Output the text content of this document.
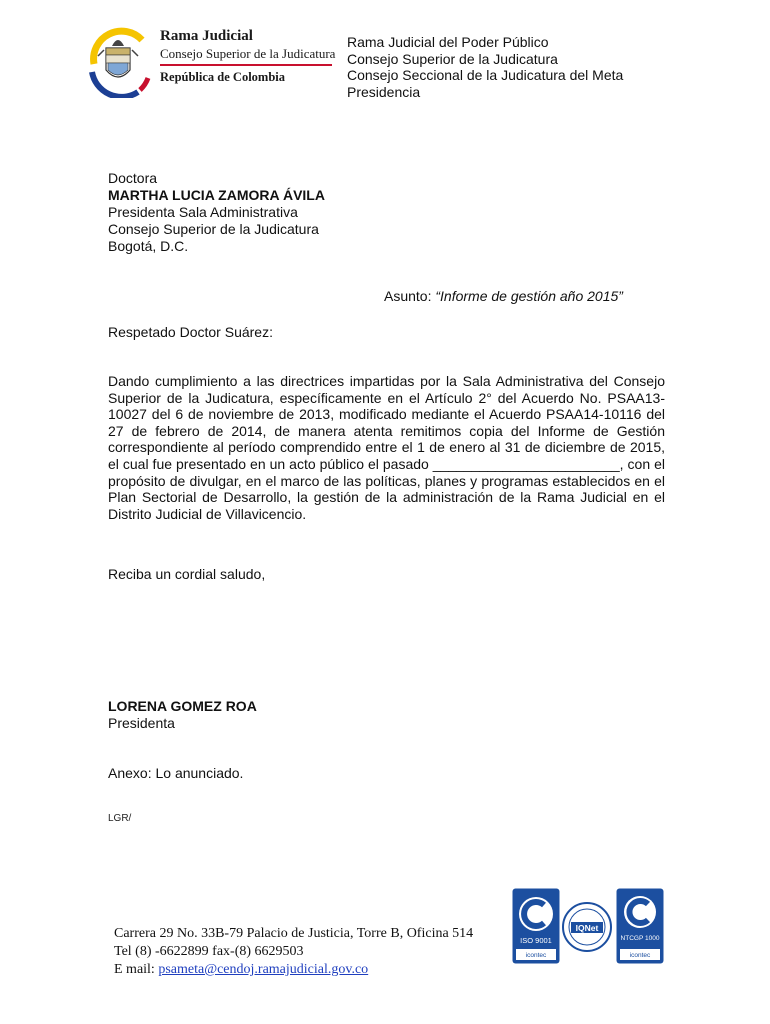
Rama Judicial
Consejo Superior de la Judicatura
República de Colombia
Rama Judicial del Poder Público
Consejo Superior de la Judicatura
Consejo Seccional de la Judicatura del Meta
Presidencia
Doctora
MARTHA LUCIA ZAMORA ÁVILA
Presidenta Sala Administrativa
Consejo Superior de la Judicatura
Bogotá, D.C.
Asunto: “Informe de gestión año 2015”
Respetado Doctor Suárez:
Dando cumplimiento a las directrices impartidas por la Sala Administrativa del Consejo Superior de la Judicatura, específicamente en el Artículo 2° del Acuerdo No. PSAA13-10027 del 6 de noviembre de 2013, modificado mediante el Acuerdo PSAA14-10116 del 27 de febrero de 2014, de manera atenta remitimos copia del Informe de Gestión correspondiente al período comprendido entre el 1 de enero al 31 de diciembre de 2015, el cual fue presentado en un acto público el pasado ________________________, con el propósito de divulgar, en el marco de las políticas, planes y programas establecidos en el Plan Sectorial de Desarrollo, la gestión de la administración de la Rama Judicial en el Distrito Judicial de Villavicencio.
Reciba un cordial saludo,
LORENA GOMEZ ROA
Presidenta
Anexo: Lo anunciado.
LGR/
Carrera 29 No. 33B-79 Palacio de Justicia, Torre B, Oficina 514
Tel (8) -6622899 fax-(8) 6629503
E mail: psameta@cendoj.ramajudicial.gov.co
ISO 9001
icontec
IQNet
NTCGP 1000
icontec
